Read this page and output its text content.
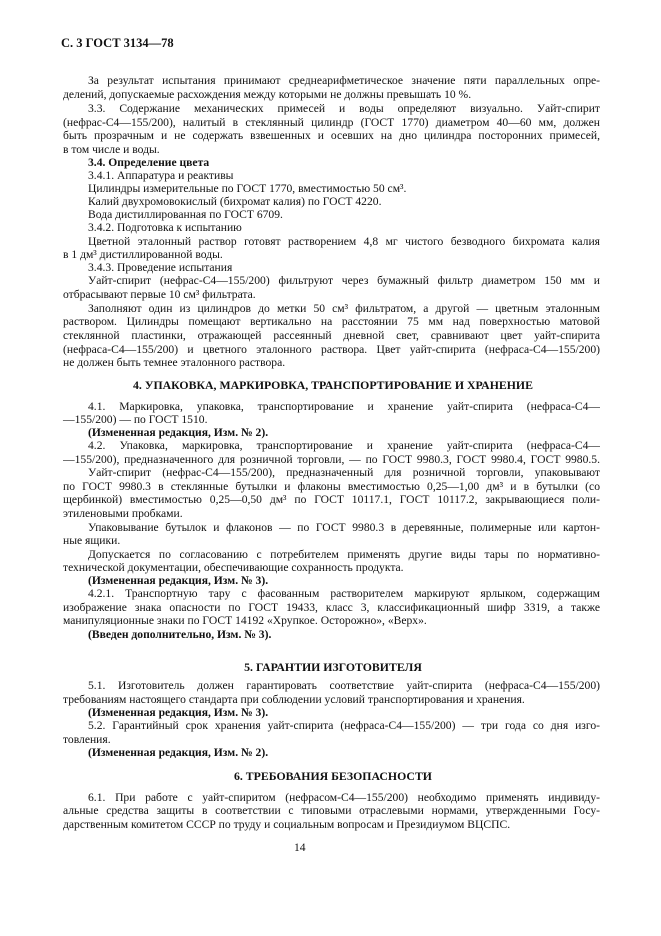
С. 3 ГОСТ 3134—78
За результат испытания принимают среднеарифметическое значение пяти параллельных опре-
делений, допускаемые расхождения между которыми не должны превышать 10 %.
3.3. Содержание механических примесей и воды определяют визуально. Уайт-спирит
(нефрас-С4—155/200), налитый в стеклянный цилиндр (ГОСТ 1770) диаметром 40—60 мм, должен
быть прозрачным и не содержать взвешенных и осевших на дно цилиндра посторонних примесей,
в том числе и воды.
3.4. Определение цвета
3.4.1. Аппаратура и реактивы
Цилиндры измерительные по ГОСТ 1770, вместимостью 50 см³.
Калий двухромовокислый (бихромат калия) по ГОСТ 4220.
Вода дистиллированная по ГОСТ 6709.
3.4.2. Подготовка к испытанию
Цветной эталонный раствор готовят растворением 4,8 мг чистого безводного бихромата калия
в 1 дм³ дистиллированной воды.
3.4.3. Проведение испытания
Уайт-спирит (нефрас-С4—155/200) фильтруют через бумажный фильтр диаметром 150 мм и
отбрасывают первые 10 см³ фильтрата.
Заполняют один из цилиндров до метки 50 см³ фильтратом, а другой — цветным эталонным
раствором. Цилиндры помещают вертикально на расстоянии 75 мм над поверхностью матовой
стеклянной пластинки, отражающей рассеянный дневной свет, сравнивают цвет уайт-спирита
(нефраса-С4—155/200) и цветного эталонного раствора. Цвет уайт-спирита (нефраса-С4—155/200)
не должен быть темнее эталонного раствора.
4. УПАКОВКА, МАРКИРОВКА, ТРАНСПОРТИРОВАНИЕ И ХРАНЕНИЕ
4.1. Маркировка, упаковка, транспортирование и хранение уайт-спирита (нефраса-С4—
—155/200) — по ГОСТ 1510.
(Измененная редакция, Изм. № 2).
4.2. Упаковка, маркировка, транспортирование и хранение уайт-спирита (нефраса-С4—
—155/200), предназначенного для розничной торговли, — по ГОСТ 9980.3, ГОСТ 9980.4, ГОСТ 9980.5.
Уайт-спирит (нефрас-С4—155/200), предназначенный для розничной торговли, упаковывают
по ГОСТ 9980.3 в стеклянные бутылки и флаконы вместимостью 0,25—1,00 дм³ и в бутылки (со
щербинкой) вместимостью 0,25—0,50 дм³ по ГОСТ 10117.1, ГОСТ 10117.2, закрывающиеся поли-
этиленовыми пробками.
Упаковывание бутылок и флаконов — по ГОСТ 9980.3 в деревянные, полимерные или картон-
ные ящики.
Допускается по согласованию с потребителем применять другие виды тары по нормативно-
технической документации, обеспечивающие сохранность продукта.
(Измененная редакция, Изм. № 3).
4.2.1. Транспортную тару с фасованным растворителем маркируют ярлыком, содержащим
изображение знака опасности по ГОСТ 19433, класс 3, классификационный шифр 3319, а также
манипуляционные знаки по ГОСТ 14192 «Хрупкое. Осторожно», «Верх».
(Введен дополнительно, Изм. № 3).
5. ГАРАНТИИ ИЗГОТОВИТЕЛЯ
5.1. Изготовитель должен гарантировать соответствие уайт-спирита (нефраса-С4—155/200)
требованиям настоящего стандарта при соблюдении условий транспортирования и хранения.
(Измененная редакция, Изм. № 3).
5.2. Гарантийный срок хранения уайт-спирита (нефраса-С4—155/200) — три года со дня изго-
товления.
(Измененная редакция, Изм. № 2).
6. ТРЕБОВАНИЯ БЕЗОПАСНОСТИ
6.1. При работе с уайт-спиритом (нефрасом-С4—155/200) необходимо применять индивиду-
альные средства защиты в соответствии с типовыми отраслевыми нормами, утвержденными Госу-
дарственным комитетом СССР по труду и социальным вопросам и Президиумом ВЦСПС.
14
